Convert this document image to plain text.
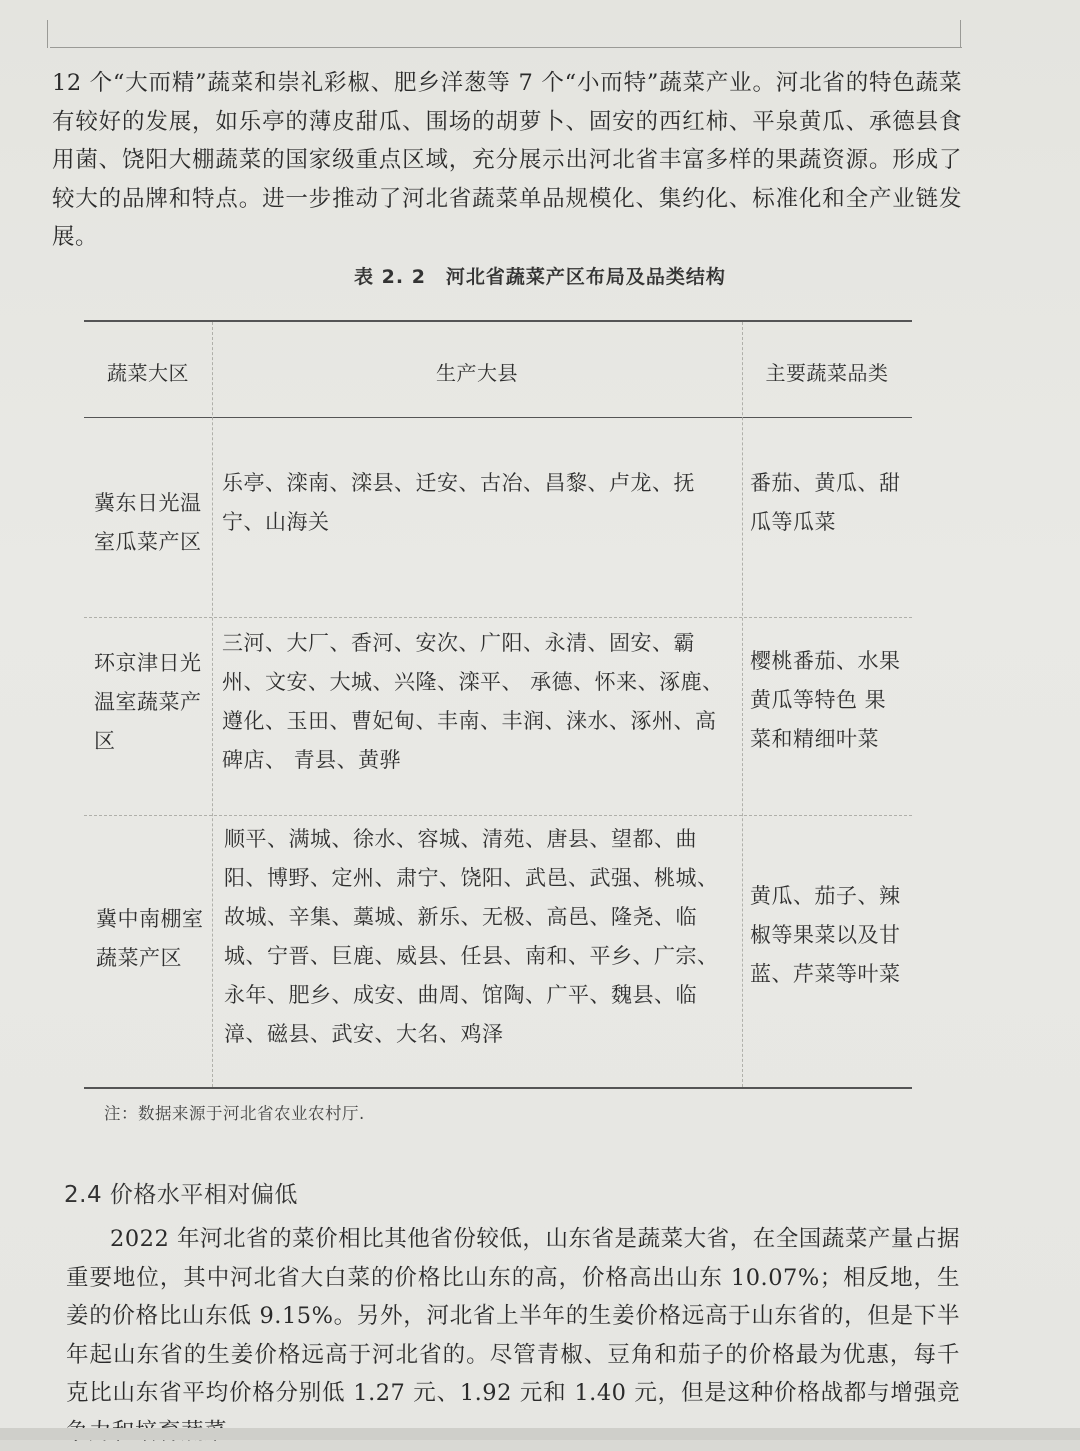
12 个“大而精”蔬菜和崇礼彩椒、肥乡洋葱等 7 个“小而特”蔬菜产业。河北省的特色蔬菜有较好的发展，如乐亭的薄皮甜瓜、围场的胡萝卜、固安的西红柿、平泉黄瓜、承德县食用菌、饶阳大棚蔬菜的国家级重点区域，充分展示出河北省丰富多样的果蔬资源。形成了较大的品牌和特点。进一步推动了河北省蔬菜单品规模化、集约化、标准化和全产业链发展。

表 2. 2　河北省蔬菜产区布局及品类结构
蔬菜大区	生产大县	主要蔬菜品类
冀东日光温室瓜菜产区
乐亭、滦南、滦县、迁安、古冶、昌黎、卢龙、抚宁、山海关
番茄、黄瓜、甜瓜等瓜菜
环京津日光温室蔬菜产区
三河、大厂、香河、安次、广阳、永清、固安、霸州、文安、大城、兴隆、滦平、 承德、怀来、涿鹿、遵化、玉田、曹妃甸、丰南、丰润、涞水、涿州、高碑店、 青县、黄骅
樱桃番茄、水果黄瓜等特色 果菜和精细叶菜
冀中南棚室蔬菜产区
顺平、满城、徐水、容城、清苑、唐县、望都、曲阳、博野、定州、肃宁、饶阳、武邑、武强、桃城、故城、辛集、藁城、新乐、无极、高邑、隆尧、临城、宁晋、巨鹿、威县、任县、南和、平乡、广宗、永年、肥乡、成安、曲周、馆陶、广平、魏县、临漳、磁县、武安、大名、鸡泽
黄瓜、茄子、辣椒等果菜以及甘蓝、芹菜等叶菜
注：数据来源于河北省农业农村厅.
2.4 价格水平相对偏低

2022 年河北省的菜价相比其他省份较低，山东省是蔬菜大省，在全国蔬菜产量占据重要地位，其中河北省大白菜的价格比山东的高，价格高出山东 10.07%；相反地，生姜的价格比山东低 9.15%。另外，河北省上半年的生姜价格远高于山东省的，但是下半年起山东省的生姜价格远高于河北省的。尽管青椒、豆角和茄子的价格最为优惠，每千克比山东省平均价格分别低 1.27 元、1.92 元和 1.40 元，但是这种价格战都与增强竞
